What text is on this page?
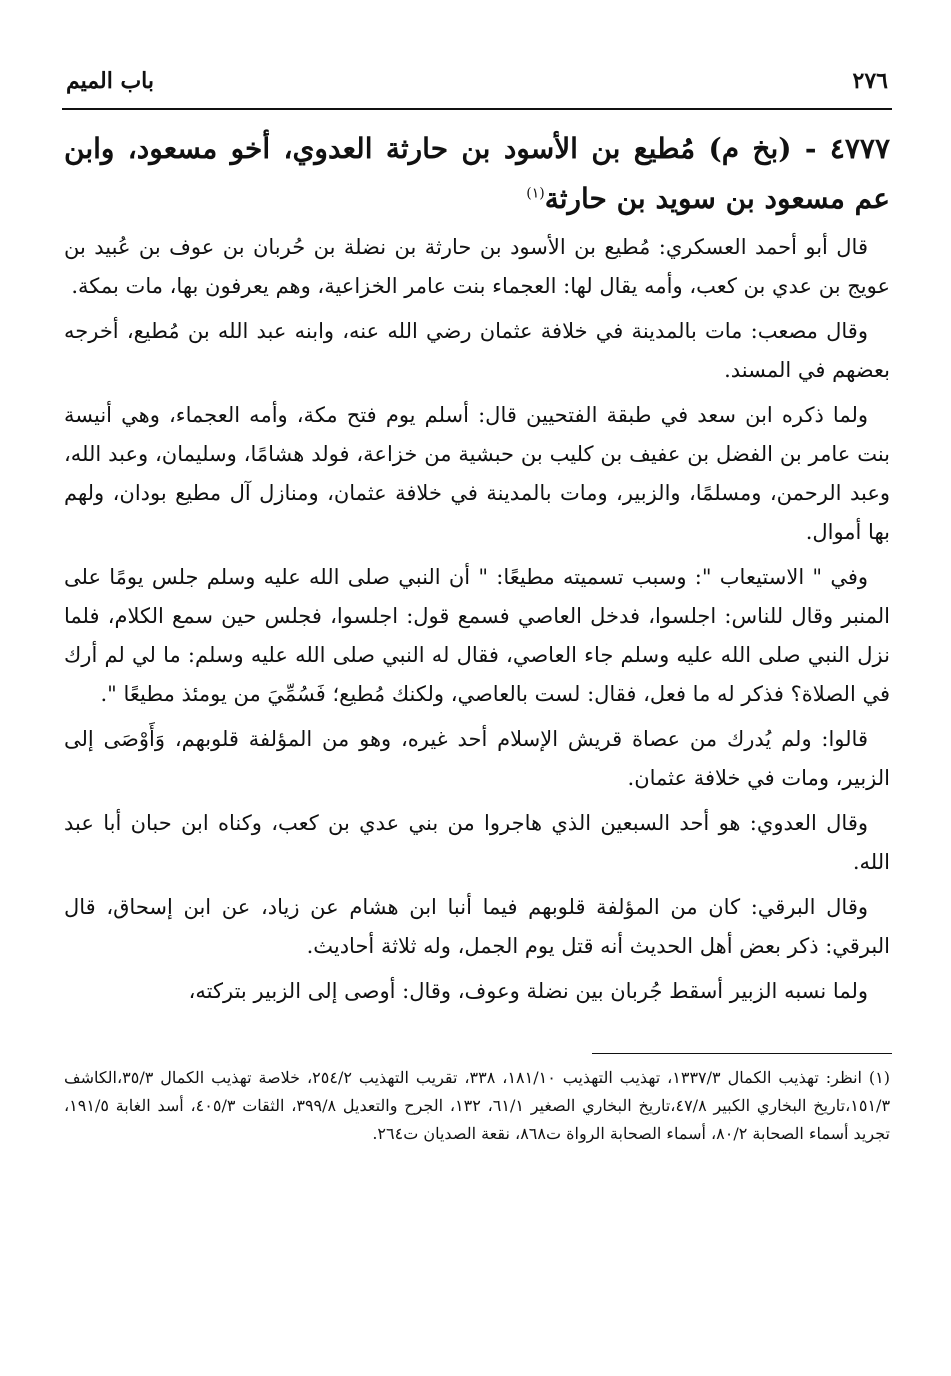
٢٧٦
باب الميم
٤٧٧٧ - (بخ م) مُطيع بن الأسود بن حارثة العدوي، أخو مسعود، وابن عم مسعود بن سويد بن حارثة$^{(١)}$

قال أبو أحمد العسكري: مُطيع بن الأسود بن حارثة بن نضلة بن حُربان بن عوف بن عُبيد بن عويج بن عدي بن كعب، وأمه يقال لها: العجماء بنت عامر الخزاعية، وهم يعرفون بها، مات بمكة.

وقال مصعب: مات بالمدينة في خلافة عثمان رضي الله عنه، وابنه عبد الله بن مُطيع، أخرجه بعضهم في المسند.

ولما ذكره ابن سعد في طبقة الفتحيين قال: أسلم يوم فتح مكة، وأمه العجماء، وهي أنيسة بنت عامر بن الفضل بن عفيف بن كليب بن حبشية من خزاعة، فولد هشامًا، وسليمان، وعبد الله، وعبد الرحمن، ومسلمًا، والزبير، ومات بالمدينة في خلافة عثمان، ومنازل آل مطيع بودان، ولهم بها أموال.

وفي " الاستيعاب ": وسبب تسميته مطيعًا: " أن النبي صلى الله عليه وسلم جلس يومًا على المنبر وقال للناس: اجلسوا، فدخل العاصي فسمع قول: اجلسوا، فجلس حين سمع الكلام، فلما نزل النبي صلى الله عليه وسلم جاء العاصي، فقال له النبي صلى الله عليه وسلم: ما لي لم أرك في الصلاة؟ فذكر له ما فعل، فقال: لست بالعاصي، ولكنك مُطيع؛ فَسُمِّيَ من يومئذ مطيعًا ".

قالوا: ولم يُدرك من عصاة قريش الإسلام أحد غيره، وهو من المؤلفة قلوبهم، وَأَوْصَى إلى الزبير، ومات في خلافة عثمان.

وقال العدوي: هو أحد السبعين الذي هاجروا من بني عدي بن كعب، وكناه ابن حبان أبا عبد الله.

وقال البرقي: كان من المؤلفة قلوبهم فيما أنبا ابن هشام عن زياد، عن ابن إسحاق، قال البرقي: ذكر بعض أهل الحديث أنه قتل يوم الجمل، وله ثلاثة أحاديث.

ولما نسبه الزبير أسقط جُربان بين نضلة وعوف، وقال: أوصى إلى الزبير بتركته،

(١) انظر: تهذيب الكمال ١٣٣٧/٣، تهذيب التهذيب ١٨١/١٠، ٣٣٨، تقريب التهذيب ٢٥٤/٢، خلاصة تهذيب الكمال ٣٥/٣،الكاشف ١٥١/٣،تاريخ البخاري الكبير ٤٧/٨،تاريخ البخاري الصغير ٦١/١، ١٣٢، الجرح والتعديل ٣٩٩/٨، الثقات ٤٠٥/٣، أسد الغابة ١٩١/٥، تجريد أسماء الصحابة ٨٠/٢، أسماء الصحابة الرواة ت٨٦٨، نقعة الصديان ت٢٦٤.
